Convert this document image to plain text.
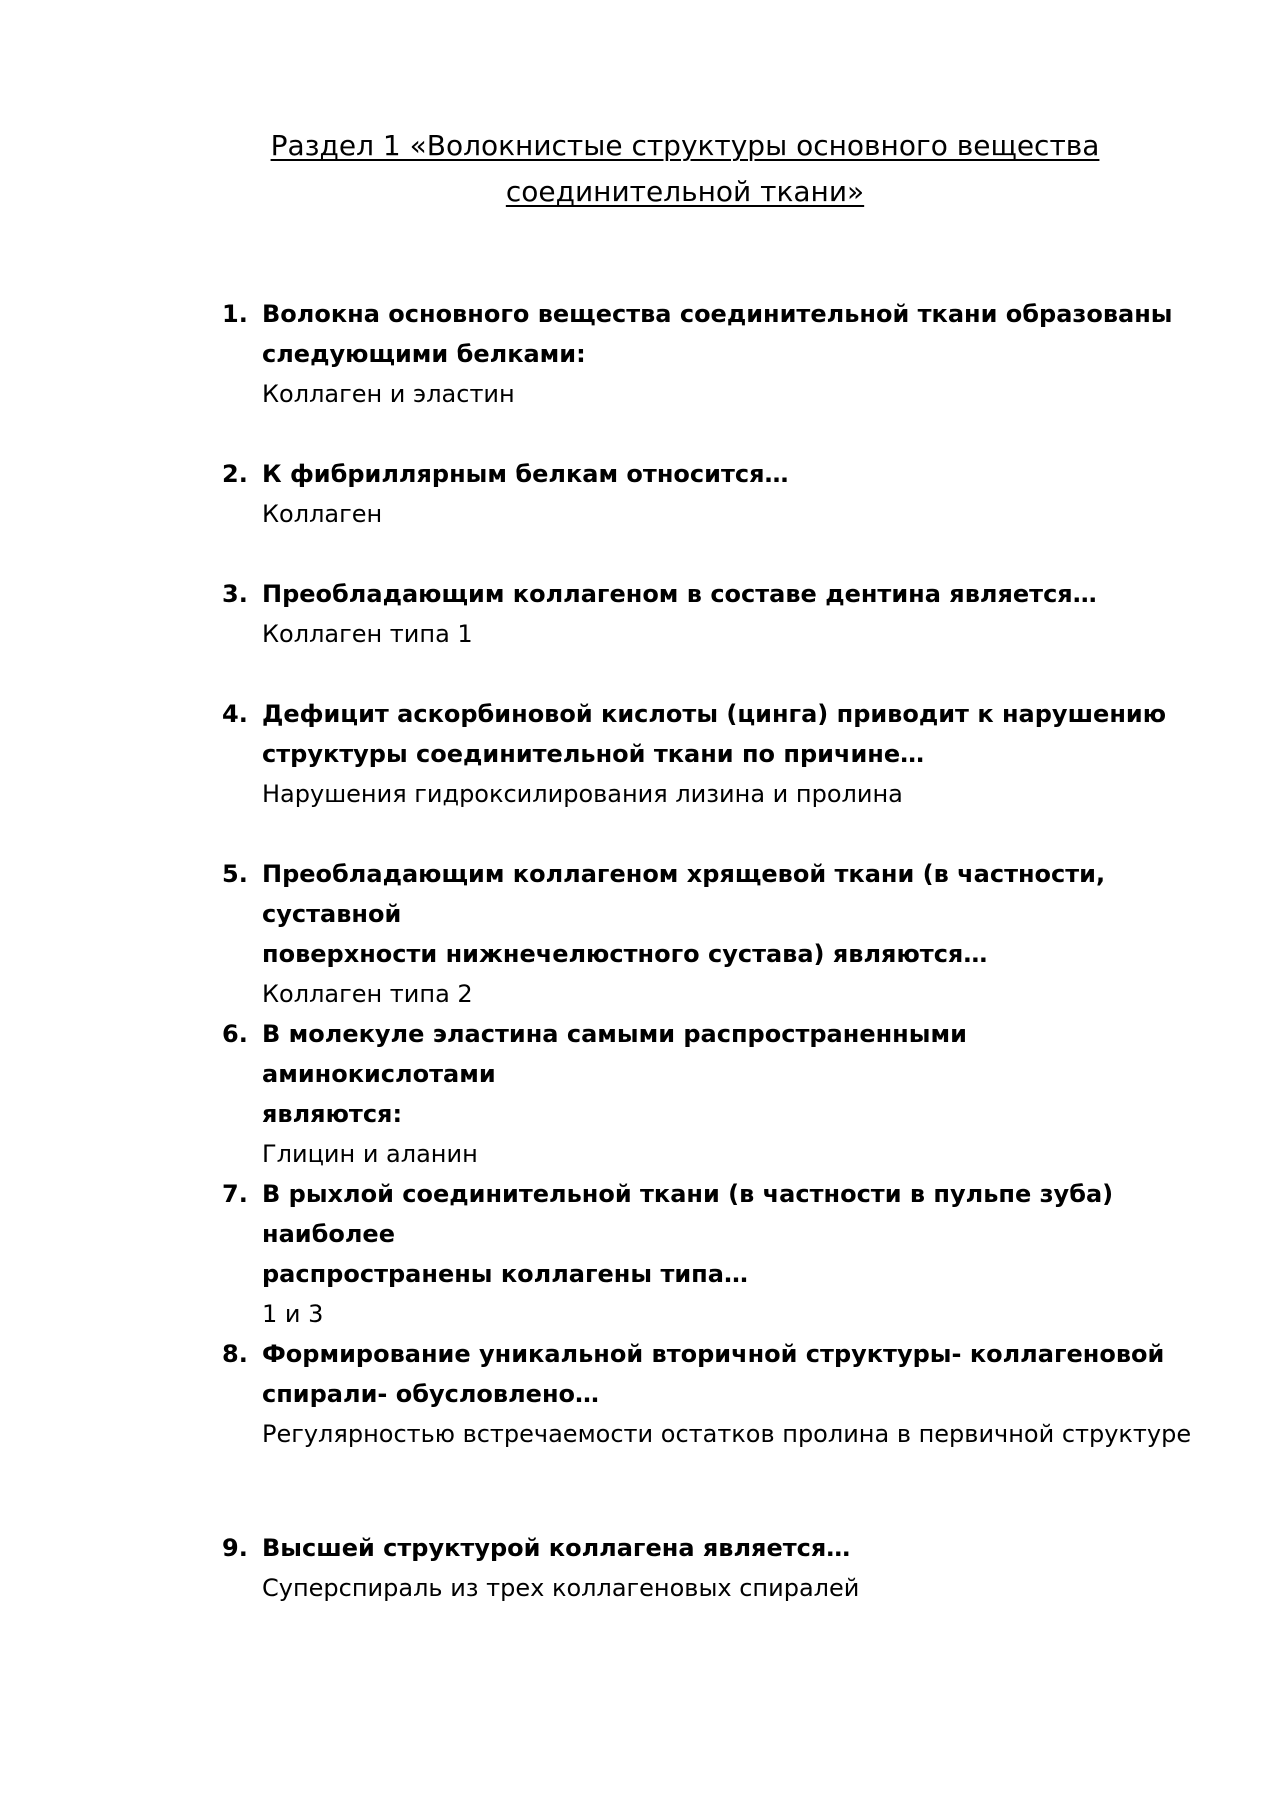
Раздел 1 «Волокнистые структуры основного вещества
соединительной ткани»
1. Волокна основного вещества соединительной ткани образованы
следующими белками:
Коллаген и эластин
2. К фибриллярным белкам относится…
Коллаген
3. Преобладающим коллагеном в составе дентина является…
Коллаген типа 1
4. Дефицит аскорбиновой кислоты (цинга) приводит к нарушению
структуры соединительной ткани по причине…
Нарушения гидроксилирования лизина и пролина
5. Преобладающим коллагеном хрящевой ткани (в частности, суставной
поверхности нижнечелюстного сустава) являются…
Коллаген типа 2
6. В молекуле эластина самыми распространенными аминокислотами
являются:
Глицин и аланин
7. В рыхлой соединительной ткани (в частности в пульпе зуба) наиболее
распространены коллагены типа…
1 и 3
8. Формирование уникальной вторичной структуры- коллагеновой
спирали- обусловлено…
Регулярностью встречаемости остатков пролина в первичной структуре
9. Высшей структурой коллагена является…
Суперспираль из трех коллагеновых спиралей
